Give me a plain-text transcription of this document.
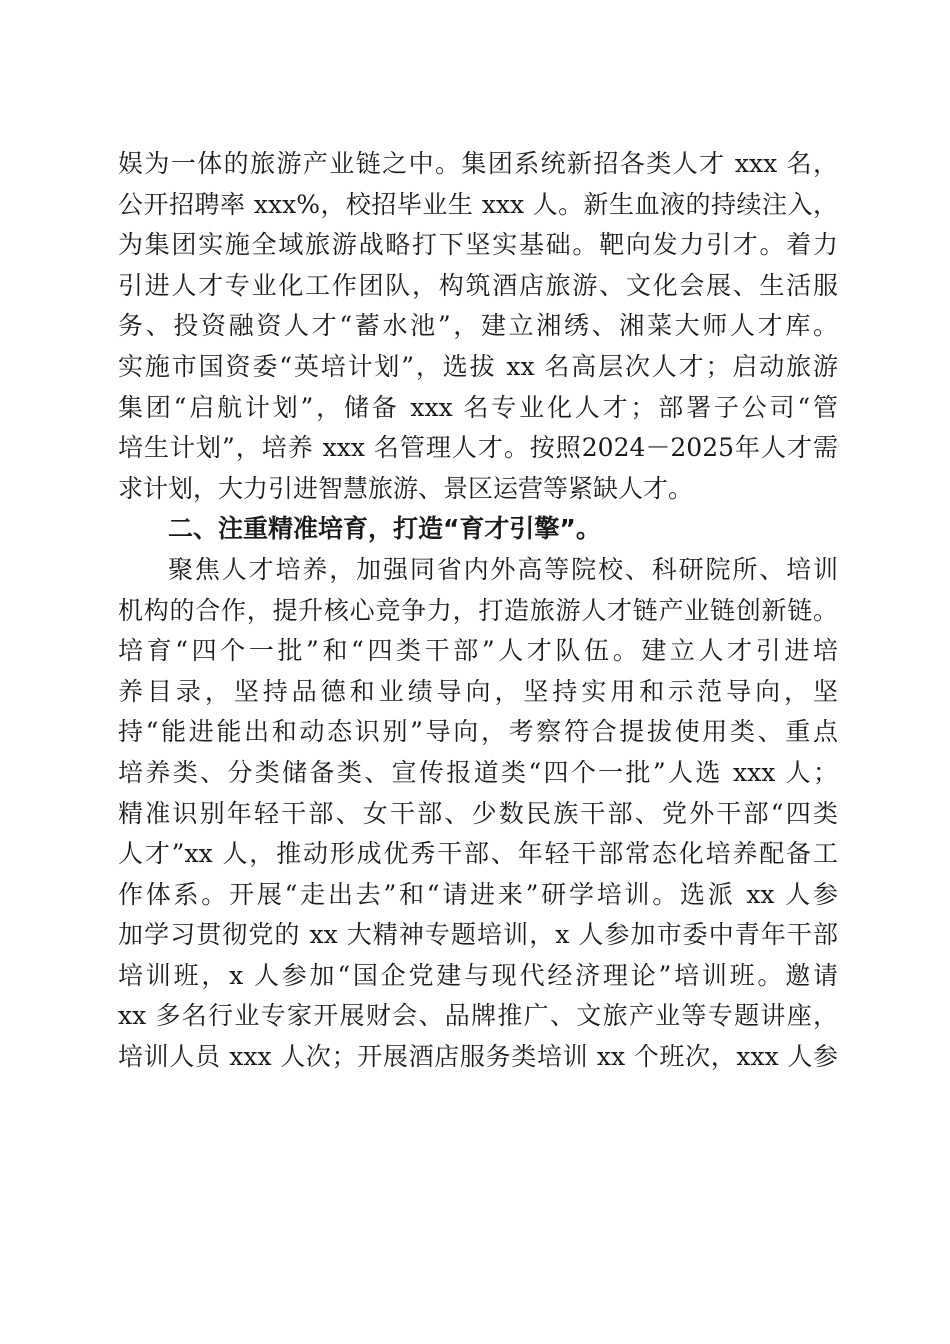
娱为一体的旅游产业链之中。集团系统新招各类人才 xxx 名，
公开招聘率 xxx%，校招毕业生 xxx 人。新生血液的持续注入，
为集团实施全域旅游战略打下坚实基础。靶向发力引才。着力
引进人才专业化工作团队，构筑酒店旅游、文化会展、生活服
务、投资融资人才“蓄水池”，建立湘绣、湘菜大师人才库。
实施市国资委“英培计划”，选拔 xx 名高层次人才；启动旅游
集团“启航计划”，储备 xxx 名专业化人才；部署子公司“管
培生计划”，培养 xxx 名管理人才。按照2024－2025年人才需
求计划，大力引进智慧旅游、景区运营等紧缺人才。
二、注重精准培育，打造“育才引擎”。
聚焦人才培养，加强同省内外高等院校、科研院所、培训
机构的合作，提升核心竞争力，打造旅游人才链产业链创新链。
培育“四个一批”和“四类干部”人才队伍。建立人才引进培
养目录，坚持品德和业绩导向，坚持实用和示范导向，坚
持“能进能出和动态识别”导向，考察符合提拔使用类、重点
培养类、分类储备类、宣传报道类“四个一批”人选 xxx 人；
精准识别年轻干部、女干部、少数民族干部、党外干部“四类
人才”xx 人，推动形成优秀干部、年轻干部常态化培养配备工
作体系。开展“走出去”和“请进来”研学培训。选派 xx 人参
加学习贯彻党的 xx 大精神专题培训，x 人参加市委中青年干部
培训班，x 人参加“国企党建与现代经济理论”培训班。邀请
xx 多名行业专家开展财会、品牌推广、文旅产业等专题讲座，
培训人员 xxx 人次；开展酒店服务类培训 xx 个班次，xxx 人参
